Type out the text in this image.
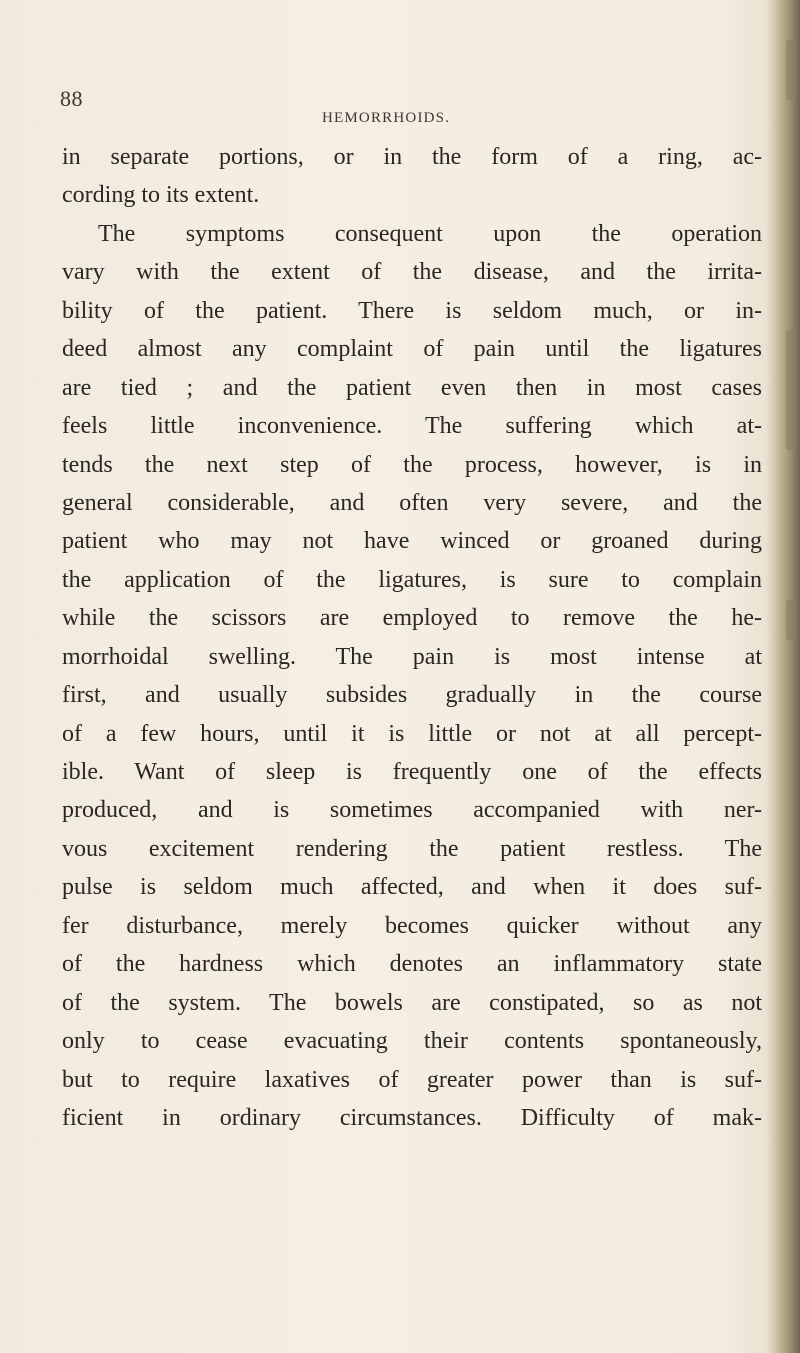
88
HEMORRHOIDS.
in separate portions, or in the form of a ring, ac-
cording to its extent.
The symptoms consequent upon the operation
vary with the extent of the disease, and the irrita-
bility of the patient. There is seldom much, or in-
deed almost any complaint of pain until the ligatures
are tied ; and the patient even then in most cases
feels little inconvenience. The suffering which at-
tends the next step of the process, however, is in
general considerable, and often very severe, and the
patient who may not have winced or groaned during
the application of the ligatures, is sure to complain
while the scissors are employed to remove the he-
morrhoidal swelling. The pain is most intense at
first, and usually subsides gradually in the course
of a few hours, until it is little or not at all percept-
ible. Want of sleep is frequently one of the effects
produced, and is sometimes accompanied with ner-
vous excitement rendering the patient restless. The
pulse is seldom much affected, and when it does suf-
fer disturbance, merely becomes quicker without any
of the hardness which denotes an inflammatory state
of the system. The bowels are constipated, so as not
only to cease evacuating their contents spontaneously,
but to require laxatives of greater power than is suf-
ficient in ordinary circumstances. Difficulty of mak-
